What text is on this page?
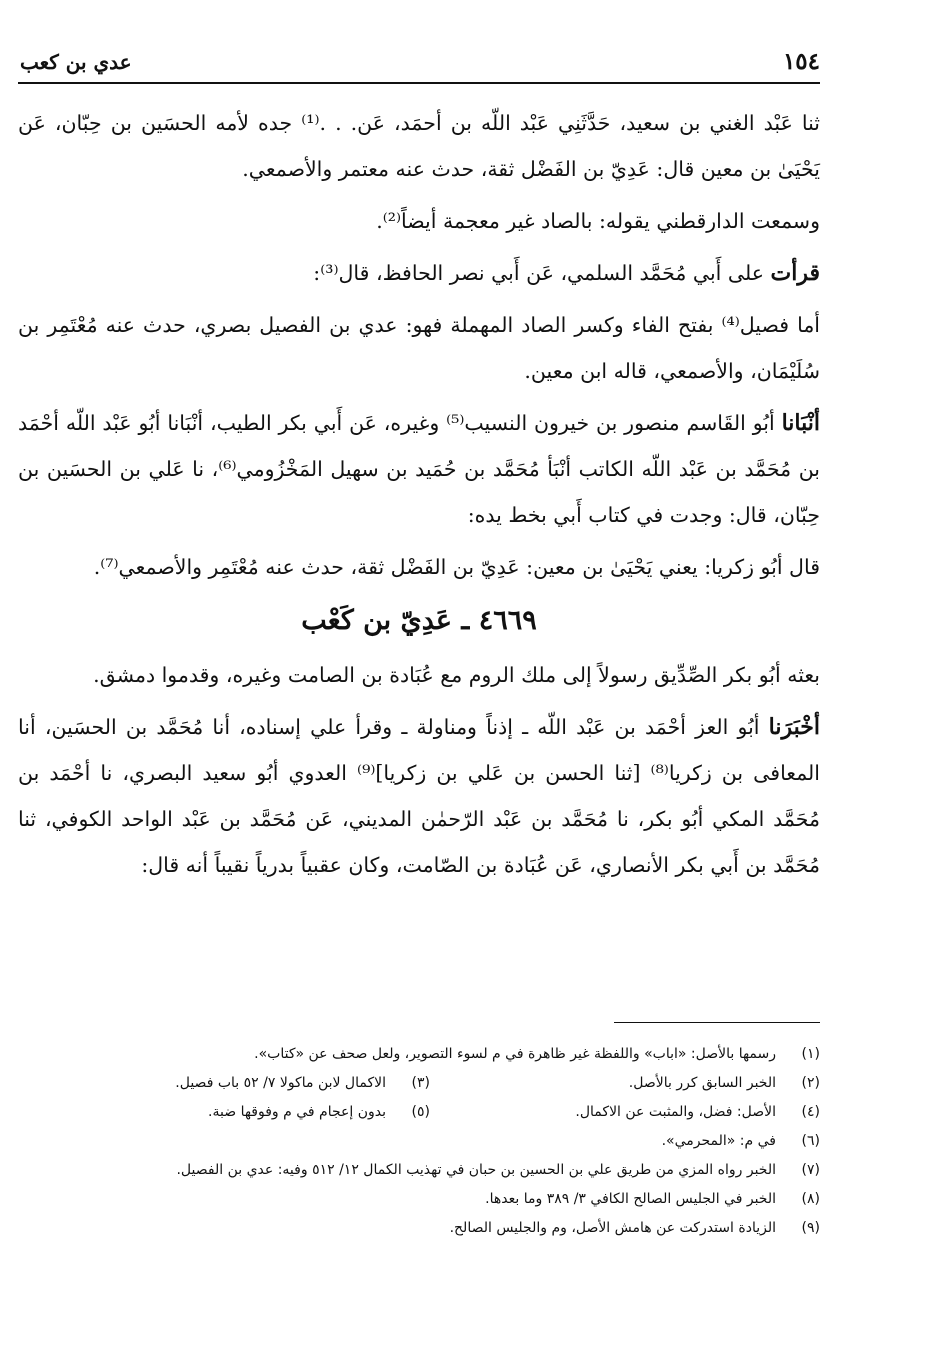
١٥٤
عدي بن كعب

ثنا عَبْد الغني بن سعيد، حَدَّثَنِي عَبْد اللّه بن أحمَد، عَن. . .⁽¹⁾ جده لأمه الحسَين بن حِبّان، عَن يَحْيَىٰ بن معين قال: عَدِيّ بن الفَضْل ثقة، حدث عنه معتمر والأصمعي.

وسمعت الدارقطني يقوله: بالصاد غير معجمة أيضاً⁽²⁾.

قرأت على أَبي مُحَمَّد السلمي، عَن أَبي نصر الحافظ، قال⁽³⁾:

أما فصيل⁽⁴⁾ بفتح الفاء وكسر الصاد المهملة فهو: عدي بن الفصيل بصري، حدث عنه مُعْتَمِر بن سُلَيْمَان، والأصمعي، قاله ابن معين.

أنْبَانا أبُو القَاسم منصور بن خيرون النسيب⁽⁵⁾ وغيره، عَن أَبي بكر الطيب، أنْبَانا أبُو عَبْد اللّه أحْمَد بن مُحَمَّد بن عَبْد اللّه الكاتب أنْبَأ مُحَمَّد بن حُمَيد بن سهيل المَخْزُومي⁽⁶⁾، نا عَلي بن الحسَين بن حِبّان، قال: وجدت في كتاب أَبي بخط يده:

قال أبُو زكريا: يعني يَحْيَىٰ بن معين: عَدِيّ بن الفَضْل ثقة، حدث عنه مُعْتَمِر والأصمعي⁽⁷⁾.

٤٦٦٩ ـ عَدِيّ بن كَعْب

بعثه أبُو بكر الصِّدِّيق رسولاً إلى ملك الروم مع عُبَادة بن الصامت وغيره، وقدموا دمشق.

أخْبَرَنا أبُو العز أحْمَد بن عَبْد اللّه ـ إذناً ومناولة ـ وقرأ علي إسناده، أنا مُحَمَّد بن الحسَين، أنا المعافى بن زكريا⁽⁸⁾ [ثنا الحسن بن عَلي بن زكريا]⁽⁹⁾ العدوي أبُو سعيد البصري، نا أحْمَد بن مُحَمَّد المكي أبُو بكر، نا مُحَمَّد بن عَبْد الرّحمٰن المديني، عَن مُحَمَّد بن عَبْد الواحد الكوفي، ثنا مُحَمَّد بن أَبي بكر الأنصاري، عَن عُبَادة بن الصّامت، وكان عقبياً بدرياً نقيباً أنه قال:

(١)
رسمها بالأصل: «اباب» واللفظة غير ظاهرة في م لسوء التصوير، ولعل صحف عن «كتاب».
(٢)
الخبر السابق كرر بالأصل.
(٣)
الاكمال لابن ماكولا ٧/ ٥٢ باب فصيل.
(٤)
الأصل: فضل، والمثبت عن الاكمال.
(٥)
بدون إعجام في م وفوقها ضبة.
(٦)
في م: «المحرمي».
(٧)
الخبر رواه المزي من طريق علي بن الحسين بن حبان في تهذيب الكمال ١٢/ ٥١٢ وفيه: عدي بن الفصيل.
(٨)
الخبر في الجليس الصالح الكافي ٣/ ٣٨٩ وما بعدها.
(٩)
الزيادة استدركت عن هامش الأصل، وم والجليس الصالح.
